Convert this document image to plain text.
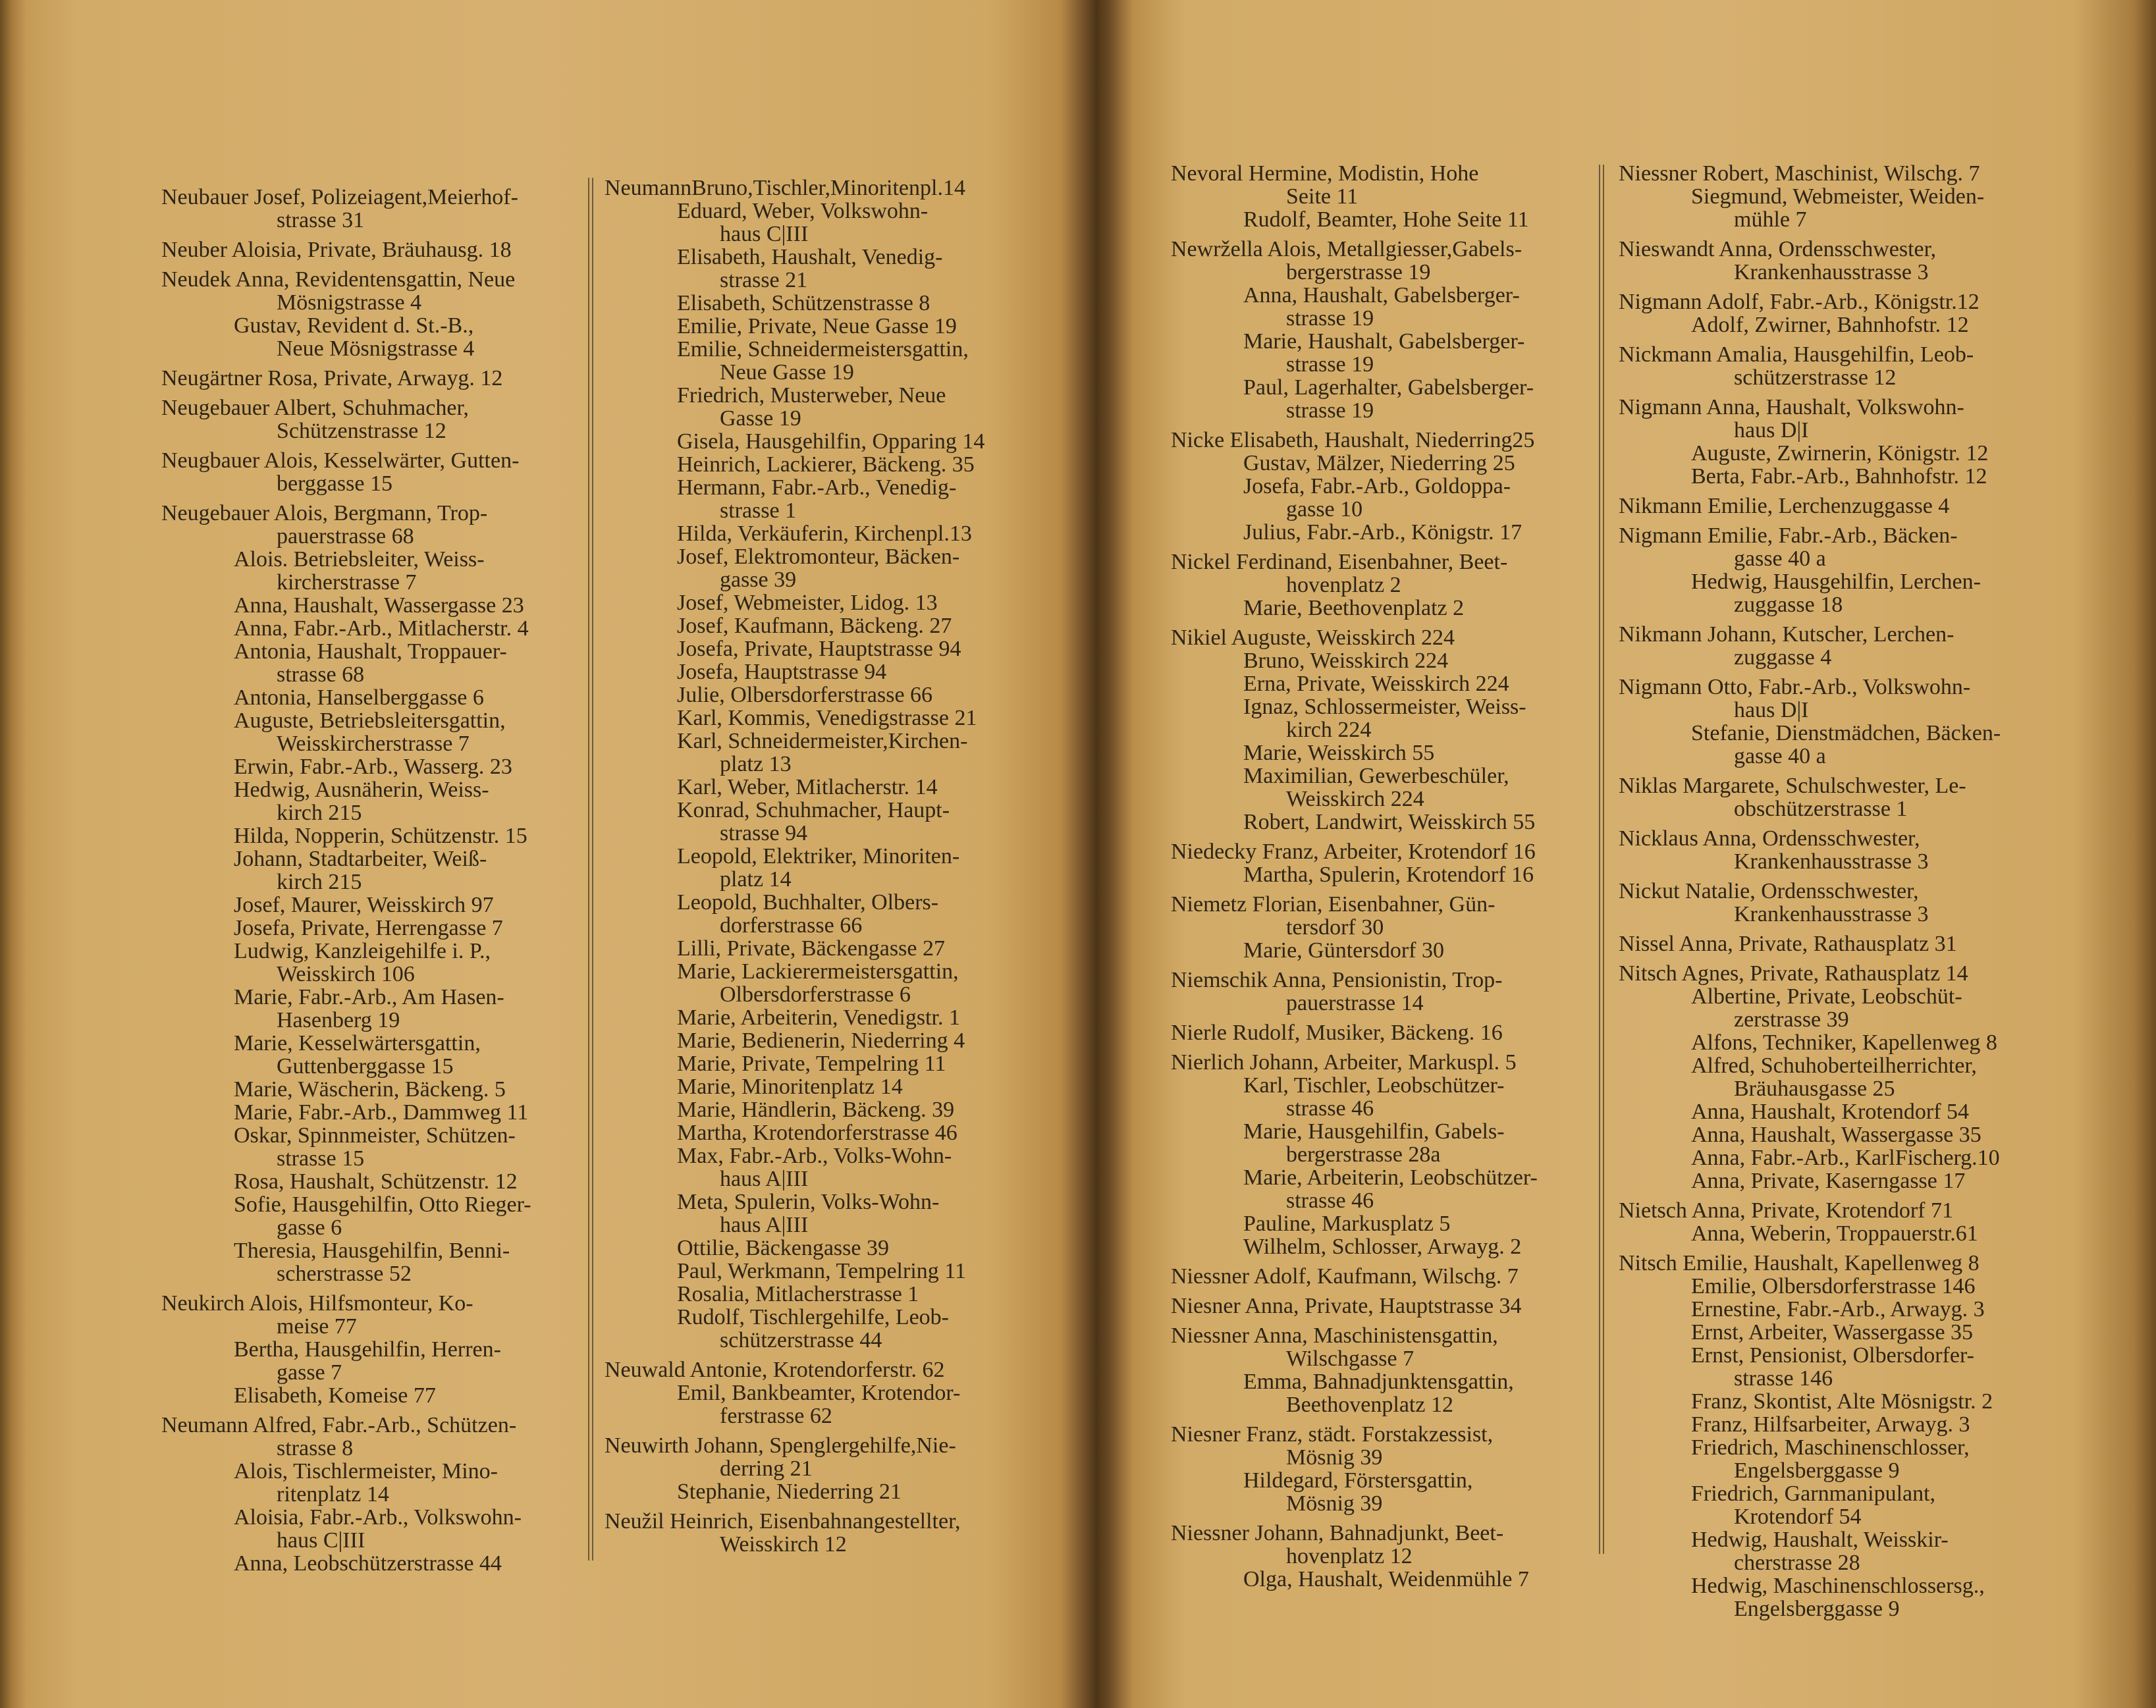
Neubauer Josef, Polizeiagent,Meierhof-
strasse 31
Neuber Aloisia, Private, Bräuhausg. 18
Neudek Anna, Revidentensgattin, Neue
Mösnigstrasse 4
Gustav, Revident d. St.-B.,
Neue Mösnigstrasse 4
Neugärtner Rosa, Private, Arwayg. 12
Neugebauer Albert, Schuhmacher,
Schützenstrasse 12
Neugbauer Alois, Kesselwärter, Gutten-
berggasse 15
Neugebauer Alois, Bergmann, Trop-
pauerstrasse 68
Alois. Betriebsleiter, Weiss-
kircherstrasse 7
Anna, Haushalt, Wassergasse 23
Anna, Fabr.-Arb., Mitlacherstr. 4
Antonia, Haushalt, Troppauer-
strasse 68
Antonia, Hanselberggasse 6
Auguste, Betriebsleitersgattin,
Weisskircherstrasse 7
Erwin, Fabr.-Arb., Wasserg. 23
Hedwig, Ausnäherin, Weiss-
kirch 215
Hilda, Nopperin, Schützenstr. 15
Johann, Stadtarbeiter, Weiß-
kirch 215
Josef, Maurer, Weisskirch 97
Josefa, Private, Herrengasse 7
Ludwig, Kanzleigehilfe i. P.,
Weisskirch 106
Marie, Fabr.-Arb., Am Hasen-
Hasenberg 19
Marie, Kesselwärtersgattin,
Guttenberggasse 15
Marie, Wäscherin, Bäckeng. 5
Marie, Fabr.-Arb., Dammweg 11
Oskar, Spinnmeister, Schützen-
strasse 15
Rosa, Haushalt, Schützenstr. 12
Sofie, Hausgehilfin, Otto Rieger-
gasse 6
Theresia, Hausgehilfin, Benni-
scherstrasse 52
Neukirch Alois, Hilfsmonteur, Ko-
meise 77
Bertha, Hausgehilfin, Herren-
gasse 7
Elisabeth, Komeise 77
Neumann Alfred, Fabr.-Arb., Schützen-
strasse 8
Alois, Tischlermeister, Mino-
ritenplatz 14
Aloisia, Fabr.-Arb., Volkswohn-
haus C|III
Anna, Leobschützerstrasse 44
NeumannBruno,Tischler,Minoritenpl.14
Eduard, Weber, Volkswohn-
haus C|III
Elisabeth, Haushalt, Venedig-
strasse 21
Elisabeth, Schützenstrasse 8
Emilie, Private, Neue Gasse 19
Emilie, Schneidermeistersgattin,
Neue Gasse 19
Friedrich, Musterweber, Neue
Gasse 19
Gisela, Hausgehilfin, Opparing 14
Heinrich, Lackierer, Bäckeng. 35
Hermann, Fabr.-Arb., Venedig-
strasse 1
Hilda, Verkäuferin, Kirchenpl.13
Josef, Elektromonteur, Bäcken-
gasse 39
Josef, Webmeister, Lidog. 13
Josef, Kaufmann, Bäckeng. 27
Josefa, Private, Hauptstrasse 94
Josefa, Hauptstrasse 94
Julie, Olbersdorferstrasse 66
Karl, Kommis, Venedigstrasse 21
Karl, Schneidermeister,Kirchen-
platz 13
Karl, Weber, Mitlacherstr. 14
Konrad, Schuhmacher, Haupt-
strasse 94
Leopold, Elektriker, Minoriten-
platz 14
Leopold, Buchhalter, Olbers-
dorferstrasse 66
Lilli, Private, Bäckengasse 27
Marie, Lackierermeistersgattin,
Olbersdorferstrasse 6
Marie, Arbeiterin, Venedigstr. 1
Marie, Bedienerin, Niederring 4
Marie, Private, Tempelring 11
Marie, Minoritenplatz 14
Marie, Händlerin, Bäckeng. 39
Martha, Krotendorferstrasse 46
Max, Fabr.-Arb., Volks-Wohn-
haus A|III
Meta, Spulerin, Volks-Wohn-
haus A|III
Ottilie, Bäckengasse 39
Paul, Werkmann, Tempelring 11
Rosalia, Mitlacherstrasse 1
Rudolf, Tischlergehilfe, Leob-
schützerstrasse 44
Neuwald Antonie, Krotendorferstr. 62
Emil, Bankbeamter, Krotendor-
ferstrasse 62
Neuwirth Johann, Spenglergehilfe,Nie-
derring 21
Stephanie, Niederring 21
Neužil Heinrich, Eisenbahnangestellter,
Weisskirch 12
Nevoral Hermine, Modistin, Hohe
Seite 11
Rudolf, Beamter, Hohe Seite 11
Newržella Alois, Metallgiesser,Gabels-
bergerstrasse 19
Anna, Haushalt, Gabelsberger-
strasse 19
Marie, Haushalt, Gabelsberger-
strasse 19
Paul, Lagerhalter, Gabelsberger-
strasse 19
Nicke Elisabeth, Haushalt, Niederring25
Gustav, Mälzer, Niederring 25
Josefa, Fabr.-Arb., Goldoppa-
gasse 10
Julius, Fabr.-Arb., Königstr. 17
Nickel Ferdinand, Eisenbahner, Beet-
hovenplatz 2
Marie, Beethovenplatz 2
Nikiel Auguste, Weisskirch 224
Bruno, Weisskirch 224
Erna, Private, Weisskirch 224
Ignaz, Schlossermeister, Weiss-
kirch 224
Marie, Weisskirch 55
Maximilian, Gewerbeschüler,
Weisskirch 224
Robert, Landwirt, Weisskirch 55
Niedecky Franz, Arbeiter, Krotendorf 16
Martha, Spulerin, Krotendorf 16
Niemetz Florian, Eisenbahner, Gün-
tersdorf 30
Marie, Güntersdorf 30
Niemschik Anna, Pensionistin, Trop-
pauerstrasse 14
Nierle Rudolf, Musiker, Bäckeng. 16
Nierlich Johann, Arbeiter, Markuspl. 5
Karl, Tischler, Leobschützer-
strasse 46
Marie, Hausgehilfin, Gabels-
bergerstrasse 28a
Marie, Arbeiterin, Leobschützer-
strasse 46
Pauline, Markusplatz 5
Wilhelm, Schlosser, Arwayg. 2
Niessner Adolf, Kaufmann, Wilschg. 7
Niesner Anna, Private, Hauptstrasse 34
Niessner Anna, Maschinistensgattin,
Wilschgasse 7
Emma, Bahnadjunktensgattin,
Beethovenplatz 12
Niesner Franz, städt. Forstakzessist,
Mösnig 39
Hildegard, Förstersgattin,
Mösnig 39
Niessner Johann, Bahnadjunkt, Beet-
hovenplatz 12
Olga, Haushalt, Weidenmühle 7
Niessner Robert, Maschinist, Wilschg. 7
Siegmund, Webmeister, Weiden-
mühle 7
Nieswandt Anna, Ordensschwester,
Krankenhausstrasse 3
Nigmann Adolf, Fabr.-Arb., Königstr.12
Adolf, Zwirner, Bahnhofstr. 12
Nickmann Amalia, Hausgehilfin, Leob-
schützerstrasse 12
Nigmann Anna, Haushalt, Volkswohn-
haus D|I
Auguste, Zwirnerin, Königstr. 12
Berta, Fabr.-Arb., Bahnhofstr. 12
Nikmann Emilie, Lerchenzuggasse 4
Nigmann Emilie, Fabr.-Arb., Bäcken-
gasse 40 a
Hedwig, Hausgehilfin, Lerchen-
zuggasse 18
Nikmann Johann, Kutscher, Lerchen-
zuggasse 4
Nigmann Otto, Fabr.-Arb., Volkswohn-
haus D|I
Stefanie, Dienstmädchen, Bäcken-
gasse 40 a
Niklas Margarete, Schulschwester, Le-
obschützerstrasse 1
Nicklaus Anna, Ordensschwester,
Krankenhausstrasse 3
Nickut Natalie, Ordensschwester,
Krankenhausstrasse 3
Nissel Anna, Private, Rathausplatz 31
Nitsch Agnes, Private, Rathausplatz 14
Albertine, Private, Leobschüt-
zerstrasse 39
Alfons, Techniker, Kapellenweg 8
Alfred, Schuhoberteilherrichter,
Bräuhausgasse 25
Anna, Haushalt, Krotendorf 54
Anna, Haushalt, Wassergasse 35
Anna, Fabr.-Arb., KarlFischerg.10
Anna, Private, Kaserngasse 17
Nietsch Anna, Private, Krotendorf 71
Anna, Weberin, Troppauerstr.61
Nitsch Emilie, Haushalt, Kapellenweg 8
Emilie, Olbersdorferstrasse 146
Ernestine, Fabr.-Arb., Arwayg. 3
Ernst, Arbeiter, Wassergasse 35
Ernst, Pensionist, Olbersdorfer-
strasse 146
Franz, Skontist, Alte Mösnigstr. 2
Franz, Hilfsarbeiter, Arwayg. 3
Friedrich, Maschinenschlosser,
Engelsberggasse 9
Friedrich, Garnmanipulant,
Krotendorf 54
Hedwig, Haushalt, Weisskir-
cherstrasse 28
Hedwig, Maschinenschlossersg.,
Engelsberggasse 9
